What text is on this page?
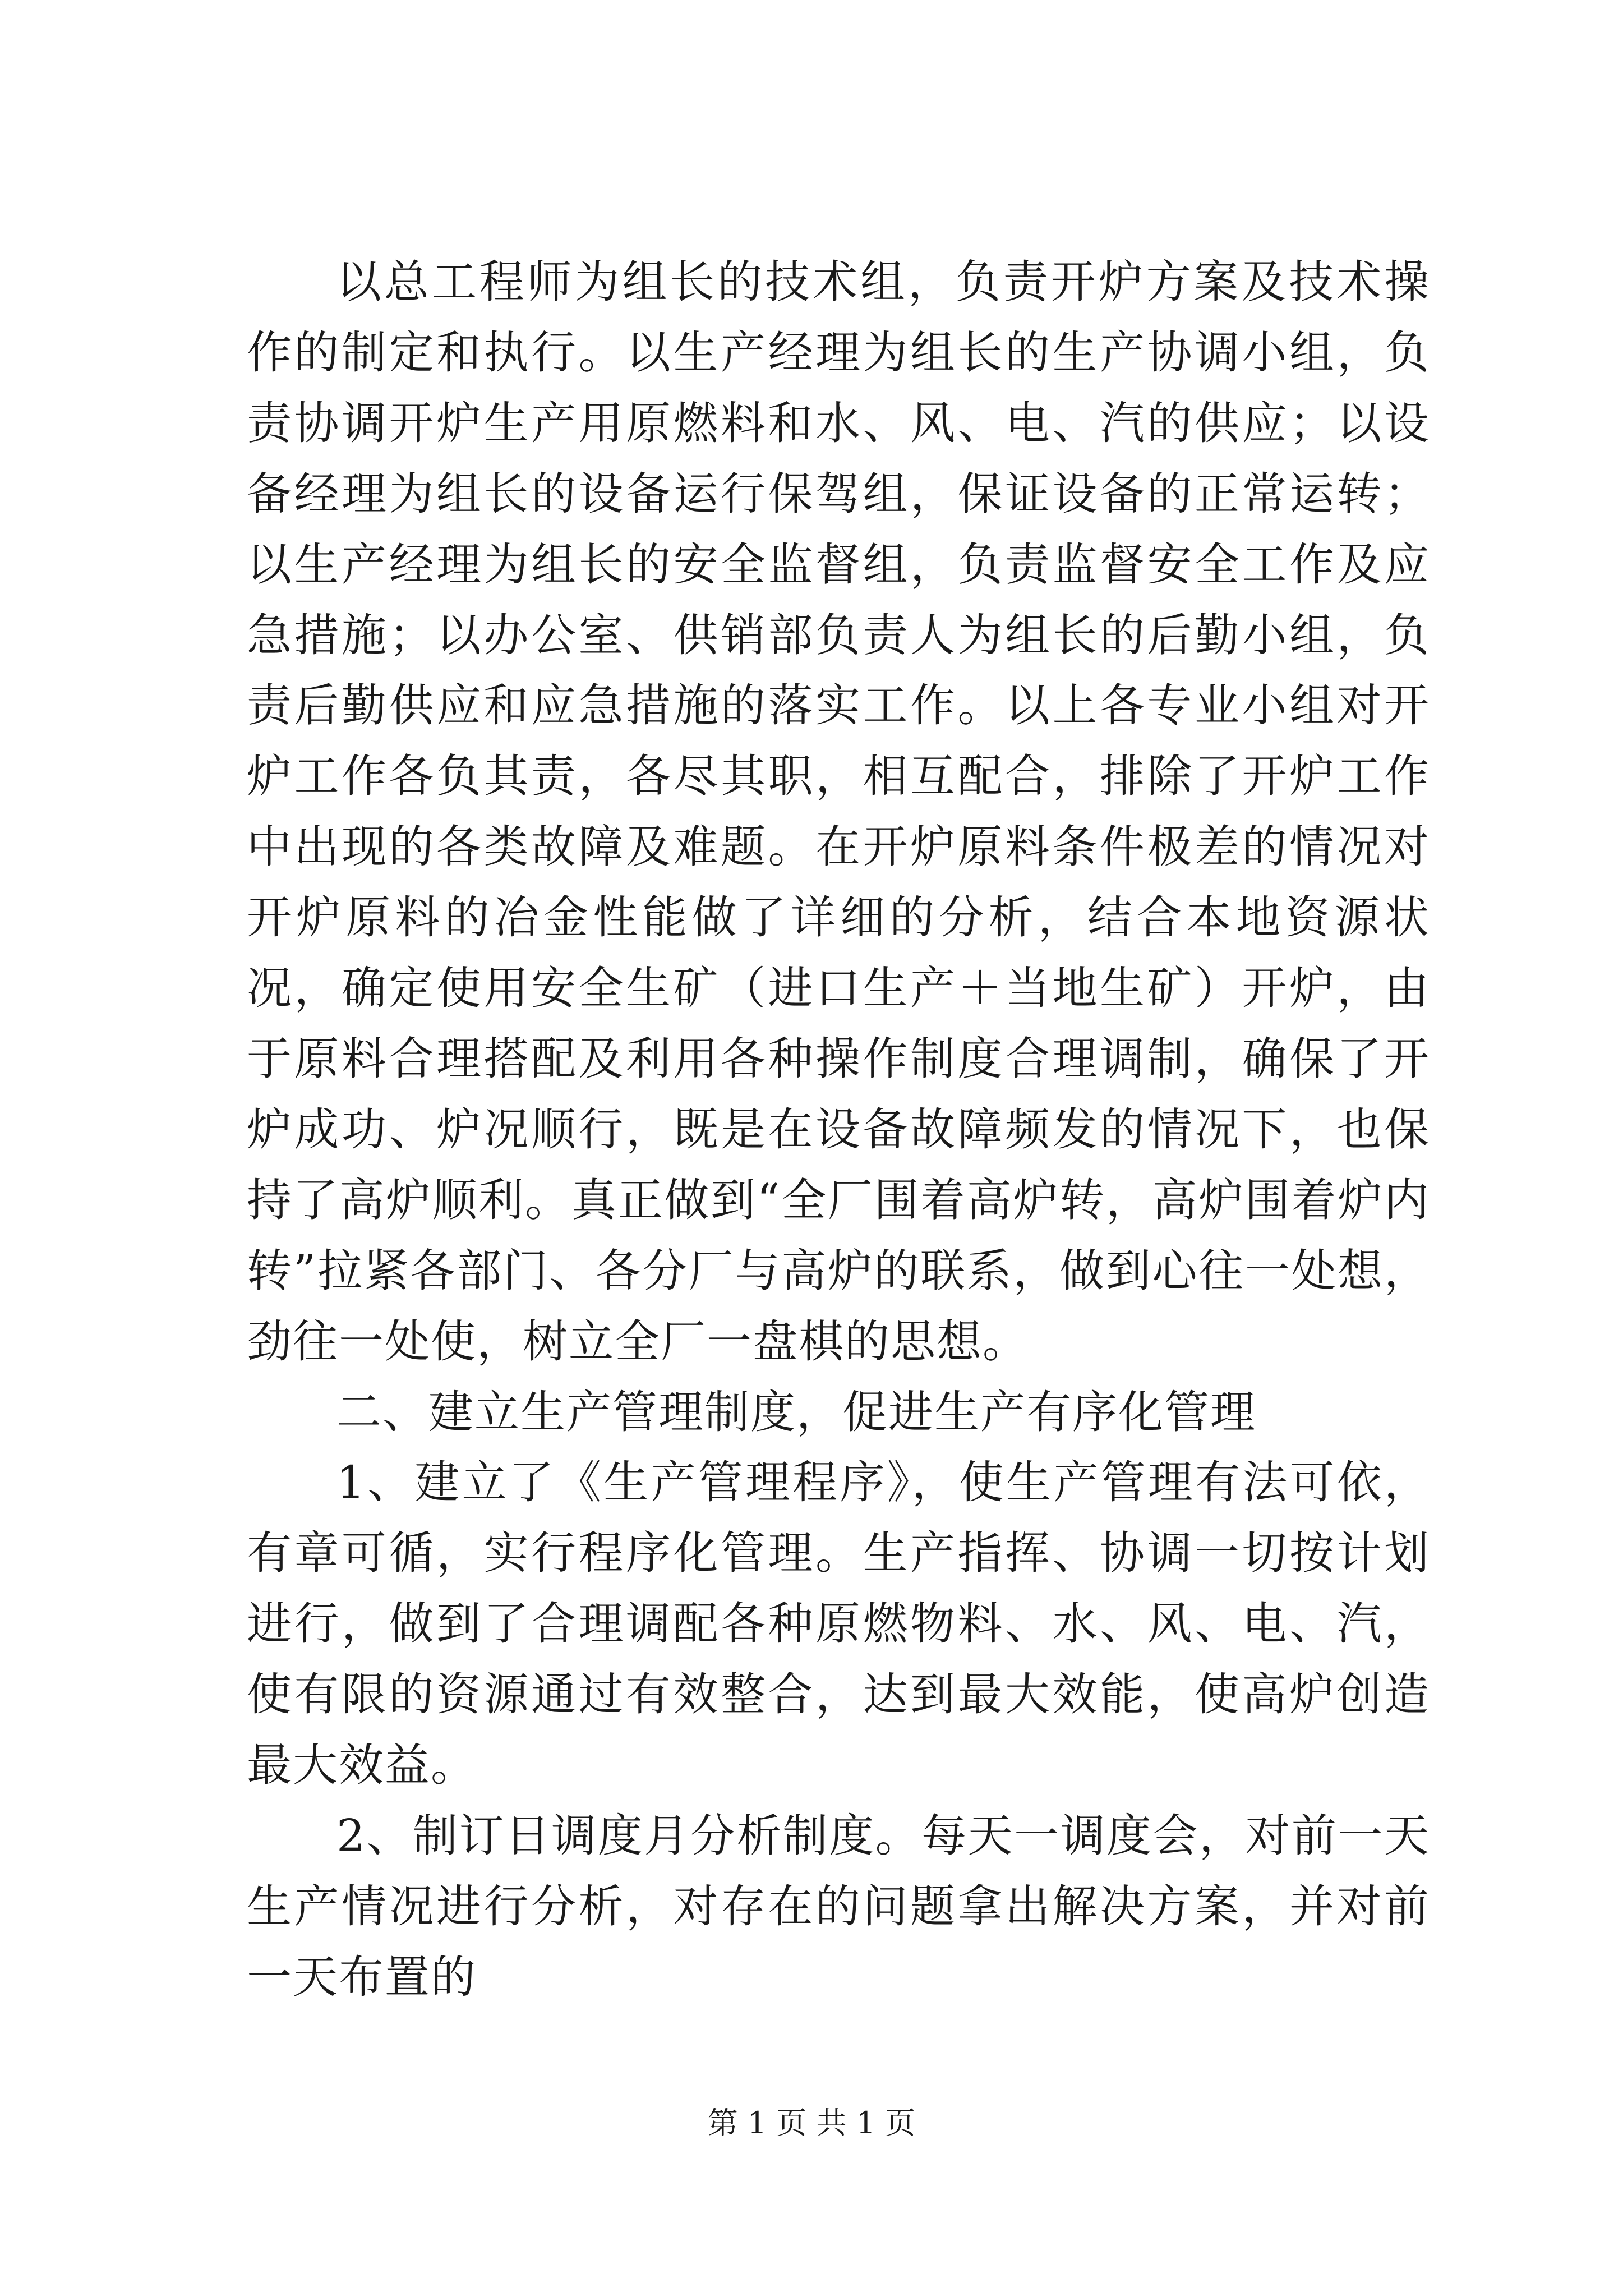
以总工程师为组长的技术组，负责开炉方案及技术操作的制定和执行。以生产经理为组长的生产协调小组，负责协调开炉生产用原燃料和水、风、电、汽的供应；以设备经理为组长的设备运行保驾组，保证设备的正常运转；以生产经理为组长的安全监督组，负责监督安全工作及应急措施；以办公室、供销部负责人为组长的后勤小组，负责后勤供应和应急措施的落实工作。以上各专业小组对开炉工作各负其责，各尽其职，相互配合，排除了开炉工作中出现的各类故障及难题。在开炉原料条件极差的情况对开炉原料的冶金性能做了详细的分析，结合本地资源状况，确定使用安全生矿（进口生产＋当地生矿）开炉，由于原料合理搭配及利用各种操作制度合理调制，确保了开炉成功、炉况顺行，既是在设备故障频发的情况下，也保持了高炉顺利。真正做到“全厂围着高炉转，高炉围着炉内转”拉紧各部门、各分厂与高炉的联系，做到心往一处想，劲往一处使，树立全厂一盘棋的思想。

二、建立生产管理制度，促进生产有序化管理

1、建立了《生产管理程序》，使生产管理有法可依，有章可循，实行程序化管理。生产指挥、协调一切按计划进行，做到了合理调配各种原燃物料、水、风、电、汽，使有限的资源通过有效整合，达到最大效能，使高炉创造最大效益。

2、制订日调度月分析制度。每天一调度会，对前一天生产情况进行分析，对存在的问题拿出解决方案，并对前一天布置的

第 1 页 共 1 页
